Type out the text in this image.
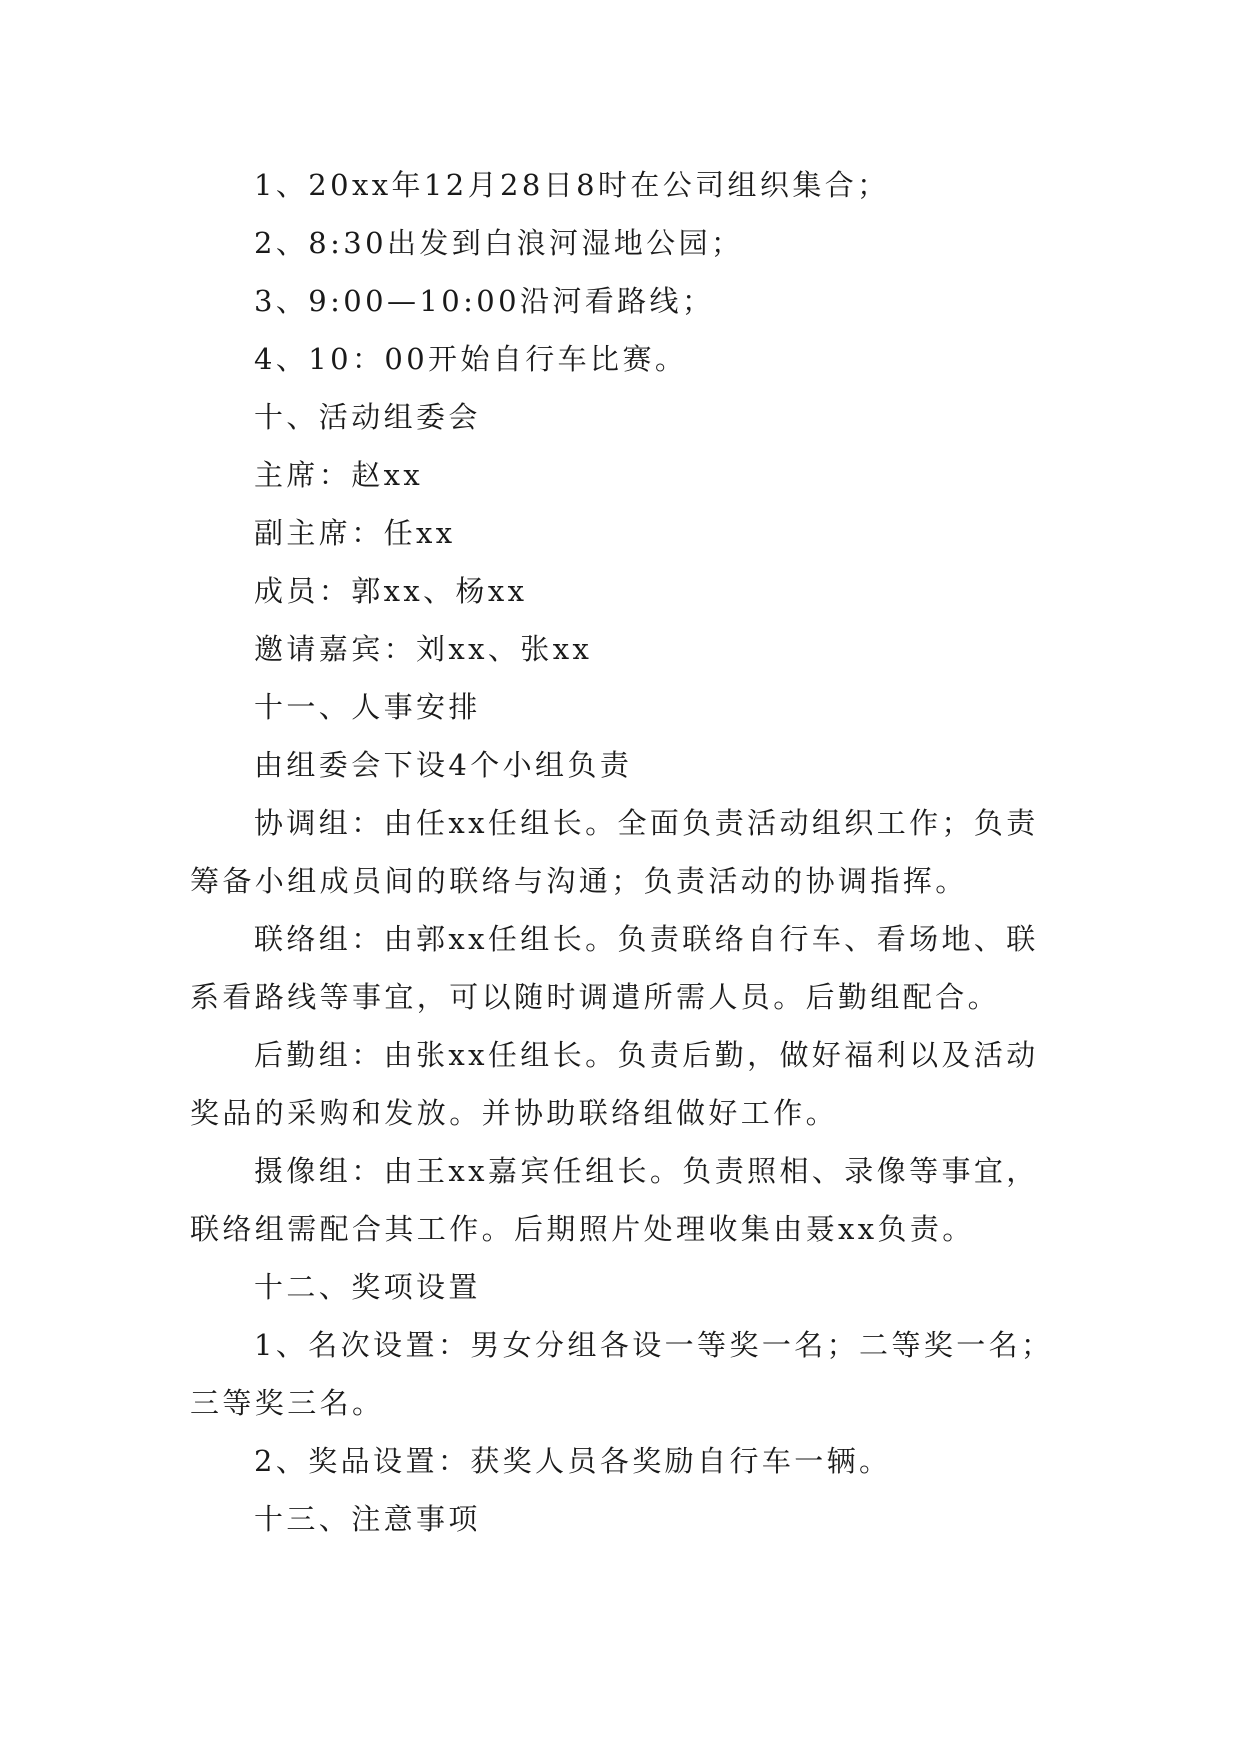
1、20xx年12月28日8时在公司组织集合；

2、8:30出发到白浪河湿地公园；

3、9:00—10:00沿河看路线；

4、10：00开始自行车比赛。

十、活动组委会

主席：赵xx

副主席：任xx

成员：郭xx、杨xx

邀请嘉宾：刘xx、张xx

十一、人事安排

由组委会下设4个小组负责

协调组：由任xx任组长。全面负责活动组织工作；负责筹备小组成员间的联络与沟通；负责活动的协调指挥。

联络组：由郭xx任组长。负责联络自行车、看场地、联系看路线等事宜，可以随时调遣所需人员。后勤组配合。

后勤组：由张xx任组长。负责后勤，做好福利以及活动奖品的采购和发放。并协助联络组做好工作。

摄像组：由王xx嘉宾任组长。负责照相、录像等事宜，联络组需配合其工作。后期照片处理收集由聂xx负责。

十二、奖项设置

1、名次设置：男女分组各设一等奖一名；二等奖一名；三等奖三名。

2、奖品设置：获奖人员各奖励自行车一辆。

十三、注意事项
